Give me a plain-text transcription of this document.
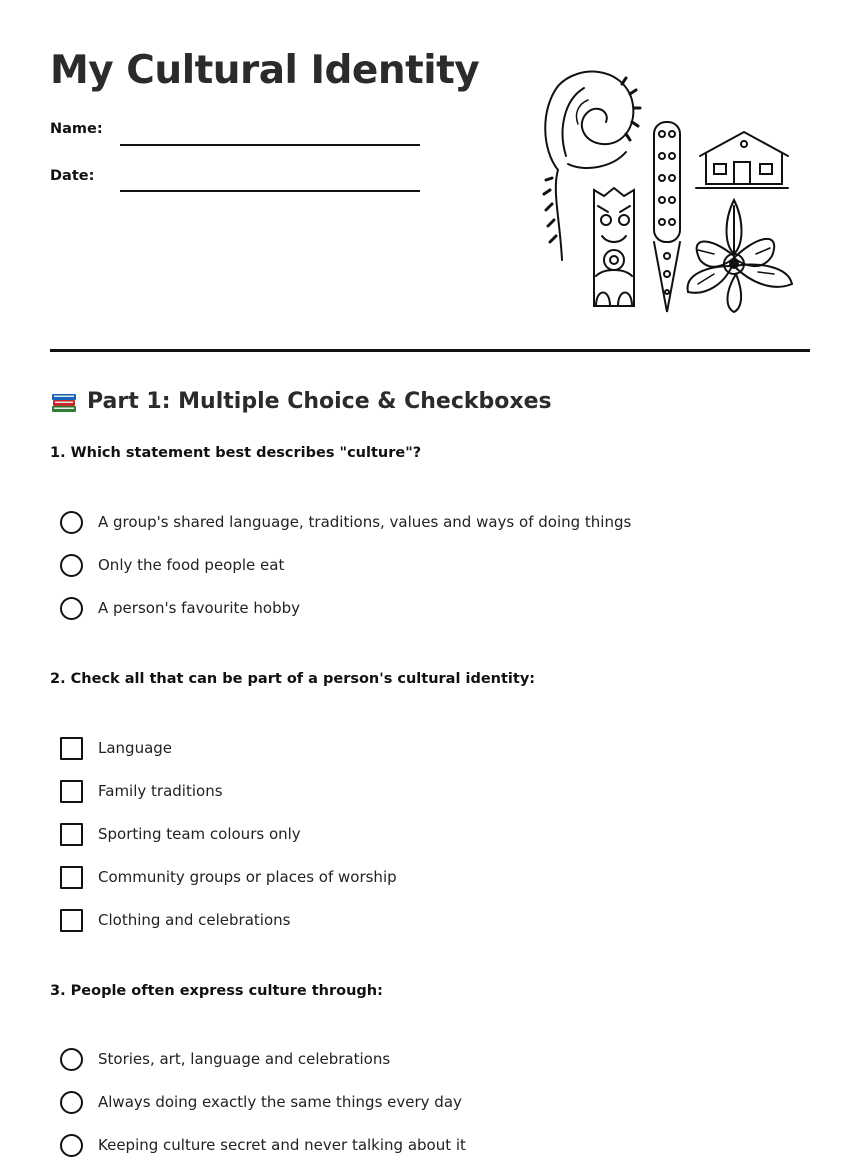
My Cultural Identity
Name:
Date:
Part 1: Multiple Choice & Checkboxes
1. Which statement best describes "culture"?
A group's shared language, traditions, values and ways of doing things
Only the food people eat
A person's favourite hobby
2. Check all that can be part of a person's cultural identity:
Language
Family traditions
Sporting team colours only
Community groups or places of worship
Clothing and celebrations
3. People often express culture through:
Stories, art, language and celebrations
Always doing exactly the same things every day
Keeping culture secret and never talking about it
